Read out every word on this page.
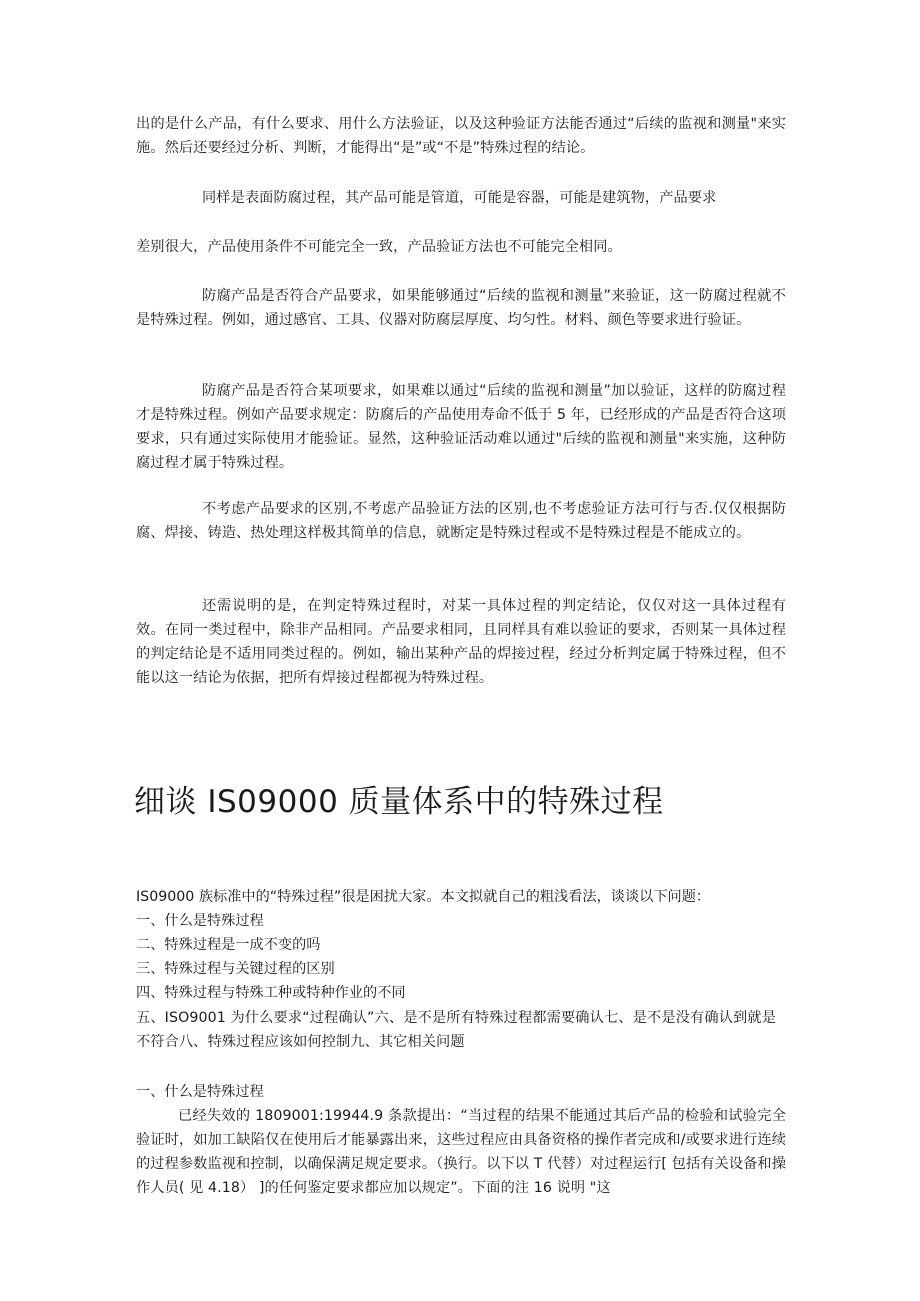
出的是什么产品，有什么要求、用什么方法验证，以及这种验证方法能否通过“后续的监视和测量"来实施。然后还要经过分析、判断，才能得出“是”或“不是”特殊过程的结论。

同样是表面防腐过程，其产品可能是管道，可能是容器，可能是建筑物，产品要求

差别很大，产品使用条件不可能完全一致，产品验证方法也不可能完全相同。

防腐产品是否符合产品要求，如果能够通过“后续的监视和测量”来验证，这一防腐过程就不是特殊过程。例如，通过感官、工具、仪器对防腐层厚度、均匀性。材料、颜色等要求进行验证。

防腐产品是否符合某项要求，如果难以通过“后续的监视和测量”加以验证，这样的防腐过程才是特殊过程。例如产品要求规定：防腐后的产品使用寿命不低于 5 年，已经形成的产品是否符合这项要求，只有通过实际使用才能验证。显然，这种验证活动难以通过"后续的监视和测量"来实施，这种防腐过程才属于特殊过程。

不考虑产品要求的区别,不考虑产品验证方法的区别,也不考虑验证方法可行与否.仅仅根据防腐、焊接、铸造、热处理这样极其简单的信息，就断定是特殊过程或不是特殊过程是不能成立的。

还需说明的是，在判定特殊过程时，对某一具体过程的判定结论，仅仅对这一具体过程有效。在同一类过程中，除非产品相同。产品要求相同，且同样具有难以验证的要求，否则某一具体过程的判定结论是不适用同类过程的。例如，输出某种产品的焊接过程，经过分析判定属于特殊过程，但不能以这一结论为依据，把所有焊接过程都视为特殊过程。

细谈 IS09000 质量体系中的特殊过程

IS09000 族标准中的“特殊过程”很是困扰大家。本文拟就自己的粗浅看法，谈谈以下问题：

一、什么是特殊过程

二、特殊过程是一成不变的吗

三、特殊过程与关键过程的区别

四、特殊过程与特殊工种或特种作业的不同

五、ISO9001 为什么要求“过程确认”六、是不是所有特殊过程都需要确认七、是不是没有确认到就是不符合八、特殊过程应该如何控制九、其它相关问题

一、什么是特殊过程

已经失效的 1809001:19944.9 条款提出：“当过程的结果不能通过其后产品的检验和试验完全验证时，如加工缺陷仅在使用后才能暴露出来，这些过程应由具备资格的操作者完成和/或要求进行连续的过程参数监视和控制，以确保满足规定要求。（换行。以下以 T 代替）对过程运行[ 包括有关设备和操作人员( 见 4.18） ]的任何鉴定要求都应加以规定”。下面的注 16 说明 "这
